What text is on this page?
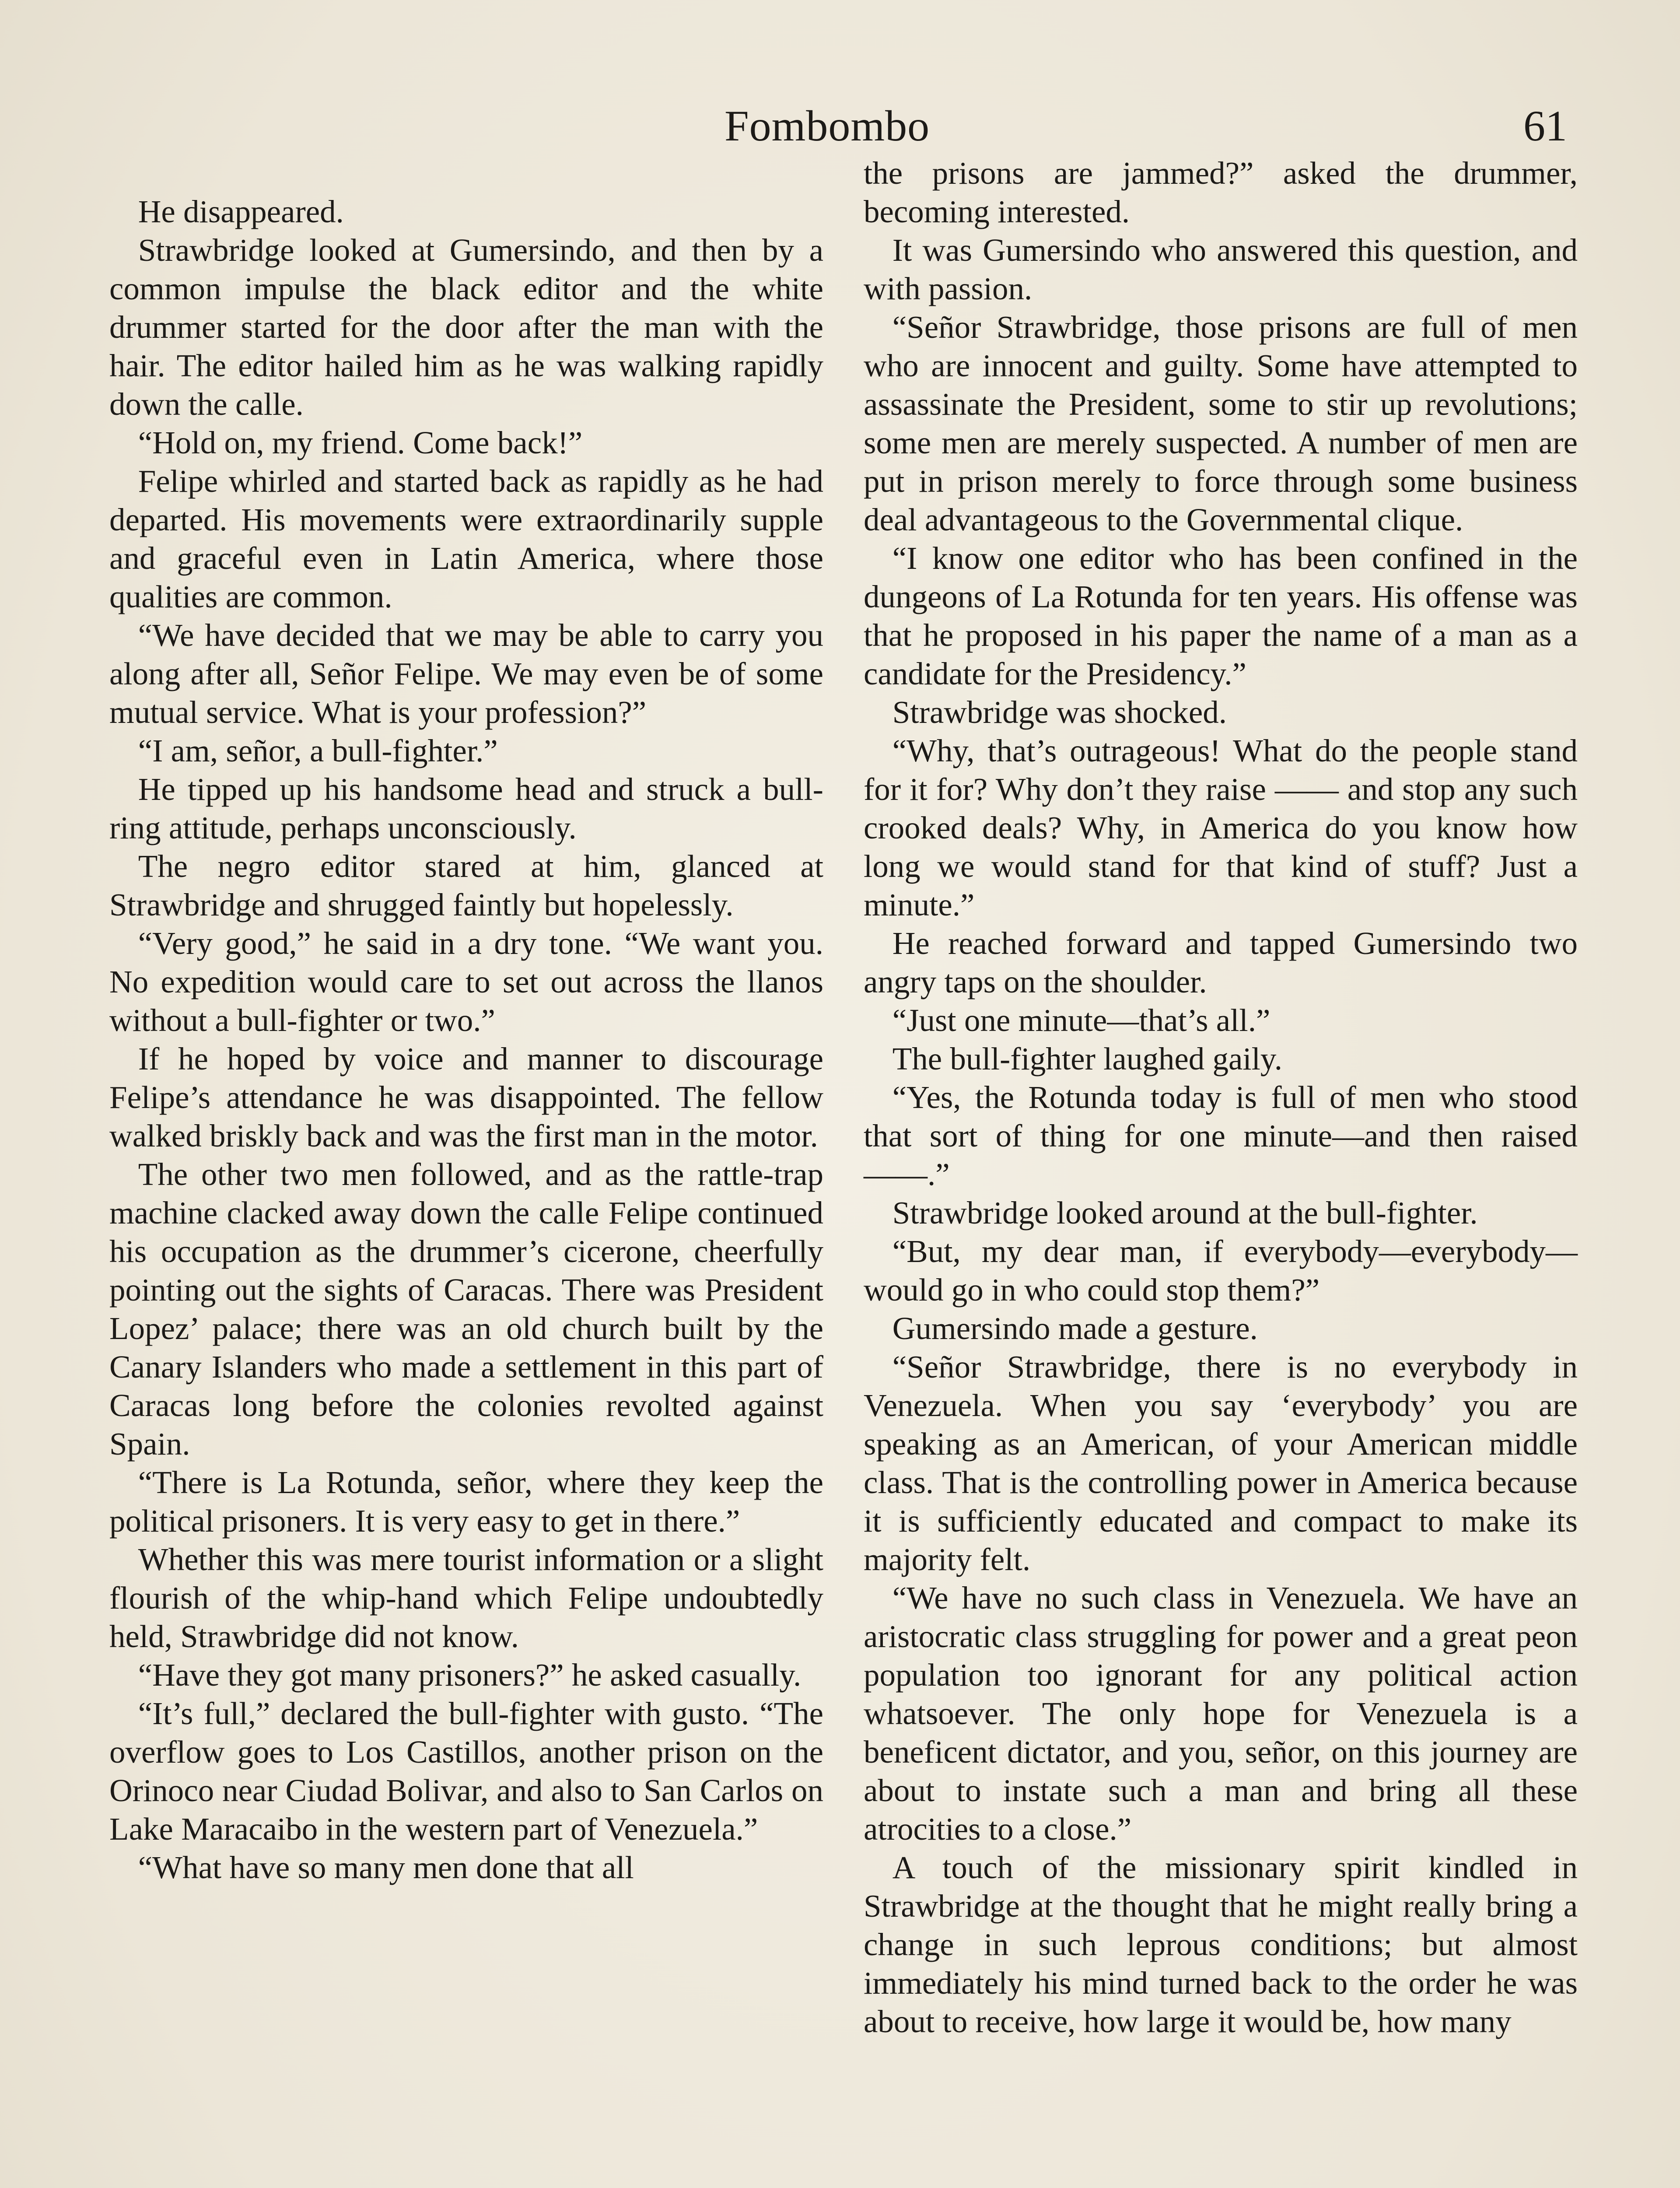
Fombombo	61

He disappeared.

Strawbridge looked at Gumersindo, and then by a common impulse the black editor and the white drummer started for the door after the man with the hair. The editor hailed him as he was walking rapidly down the calle.

“Hold on, my friend. Come back!”

Felipe whirled and started back as rapidly as he had departed. His movements were extraordinarily supple and graceful even in Latin America, where those qualities are common.

“We have decided that we may be able to carry you along after all, Señor Felipe. We may even be of some mutual service. What is your profession?”

“I am, señor, a bull-fighter.”

He tipped up his handsome head and struck a bull-ring attitude, perhaps unconsciously.

The negro editor stared at him, glanced at Strawbridge and shrugged faintly but hopelessly.

“Very good,” he said in a dry tone. “We want you. No expedition would care to set out across the llanos without a bull-fighter or two.”

If he hoped by voice and manner to discourage Felipe’s attendance he was disappointed. The fellow walked briskly back and was the first man in the motor.

The other two men followed, and as the rattle-trap machine clacked away down the calle Felipe continued his occupation as the drummer’s cicerone, cheerfully pointing out the sights of Caracas. There was President Lopez’ palace; there was an old church built by the Canary Islanders who made a settlement in this part of Caracas long before the colonies revolted against Spain.

“There is La Rotunda, señor, where they keep the political prisoners. It is very easy to get in there.”

Whether this was mere tourist information or a slight flourish of the whip-hand which Felipe undoubtedly held, Strawbridge did not know.

“Have they got many prisoners?” he asked casually.

“It’s full,” declared the bull-fighter with gusto. “The overflow goes to Los Castillos, another prison on the Orinoco near Ciudad Bolivar, and also to San Carlos on Lake Maracaibo in the western part of Venezuela.”

“What have so many men done that all

the prisons are jammed?” asked the drummer, becoming interested.

It was Gumersindo who answered this question, and with passion.

“Señor Strawbridge, those prisons are full of men who are innocent and guilty. Some have attempted to assassinate the President, some to stir up revolutions; some men are merely suspected. A number of men are put in prison merely to force through some business deal advantageous to the Governmental clique.

“I know one editor who has been confined in the dungeons of La Rotunda for ten years. His offense was that he proposed in his paper the name of a man as a candidate for the Presidency.”

Strawbridge was shocked.

“Why, that’s outrageous! What do the people stand for it for? Why don’t they raise —— and stop any such crooked deals? Why, in America do you know how long we would stand for that kind of stuff? Just a minute.”

He reached forward and tapped Gumersindo two angry taps on the shoulder.

“Just one minute—that’s all.”

The bull-fighter laughed gaily.

“Yes, the Rotunda today is full of men who stood that sort of thing for one minute—and then raised ——.”

Strawbridge looked around at the bull-fighter.

“But, my dear man, if everybody—everybody—would go in who could stop them?”

Gumersindo made a gesture.

“Señor Strawbridge, there is no everybody in Venezuela. When you say ‘everybody’ you are speaking as an American, of your American middle class. That is the controlling power in America because it is sufficiently educated and compact to make its majority felt.

“We have no such class in Venezuela. We have an aristocratic class struggling for power and a great peon population too ignorant for any political action whatsoever. The only hope for Venezuela is a beneficent dictator, and you, señor, on this journey are about to instate such a man and bring all these atrocities to a close.”

A touch of the missionary spirit kindled in Strawbridge at the thought that he might really bring a change in such leprous conditions; but almost immediately his mind turned back to the order he was about to receive, how large it would be, how many
